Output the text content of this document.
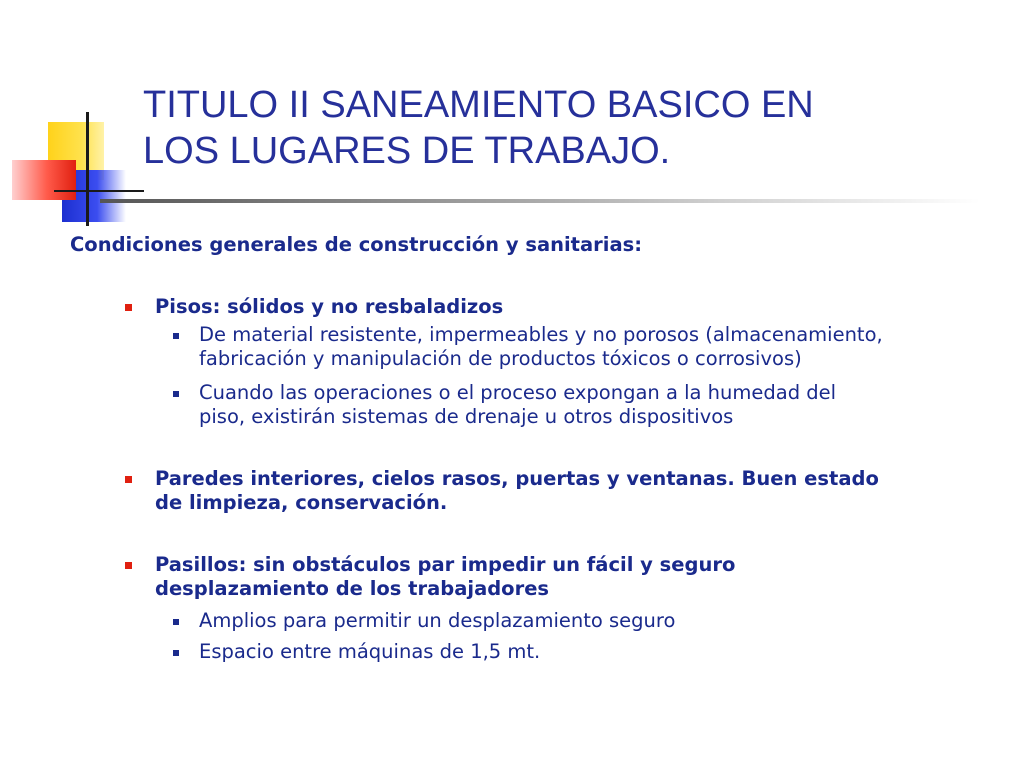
TITULO II SANEAMIENTO BASICO EN
LOS LUGARES DE TRABAJO.
Condiciones generales de construcción y sanitarias:
Pisos: sólidos y no resbaladizos
De material resistente, impermeables y no porosos (almacenamiento,
fabricación y manipulación de productos tóxicos o corrosivos)
Cuando las operaciones o el proceso expongan a la humedad del
piso, existirán sistemas de drenaje u otros dispositivos
Paredes interiores, cielos rasos, puertas y ventanas. Buen estado
de limpieza, conservación.
Pasillos: sin obstáculos par impedir un fácil y seguro
desplazamiento de los trabajadores
Amplios para permitir un desplazamiento seguro
Espacio entre máquinas de 1,5 mt.
